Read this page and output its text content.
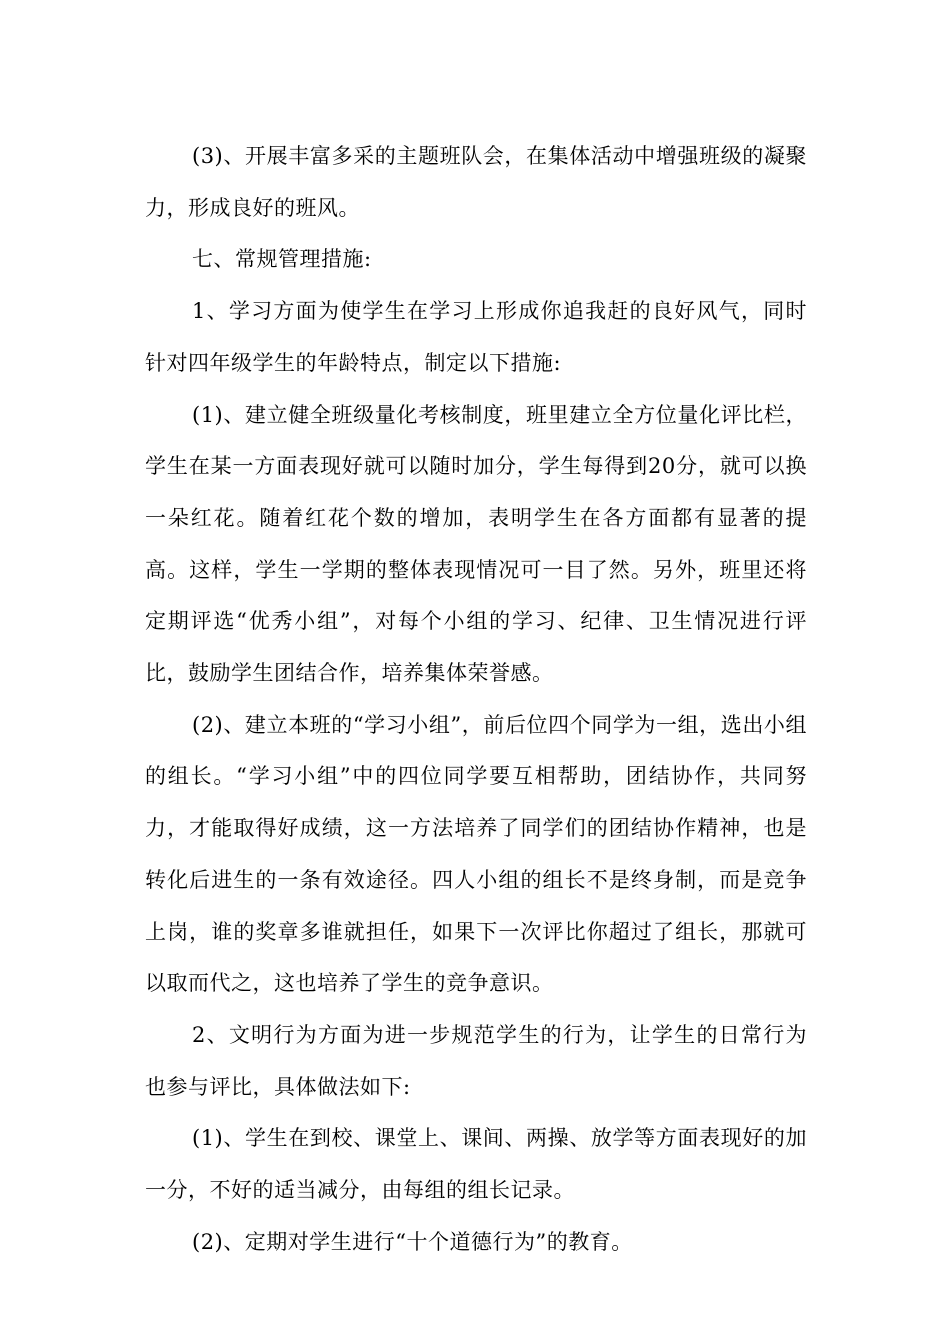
(3)、开展丰富多采的主题班队会，在集体活动中增强班级的凝聚力，形成良好的班风。

七、常规管理措施:

1、学习方面为使学生在学习上形成你追我赶的良好风气，同时针对四年级学生的年龄特点，制定以下措施:

(1)、建立健全班级量化考核制度，班里建立全方位量化评比栏，学生在某一方面表现好就可以随时加分，学生每得到20分，就可以换一朵红花。随着红花个数的增加，表明学生在各方面都有显著的提高。这样，学生一学期的整体表现情况可一目了然。另外，班里还将定期评选“优秀小组”，对每个小组的学习、纪律、卫生情况进行评比，鼓励学生团结合作，培养集体荣誉感。

(2)、建立本班的“学习小组”，前后位四个同学为一组，选出小组的组长。“学习小组”中的四位同学要互相帮助，团结协作，共同努力，才能取得好成绩，这一方法培养了同学们的团结协作精神，也是转化后进生的一条有效途径。四人小组的组长不是终身制，而是竞争上岗，谁的奖章多谁就担任，如果下一次评比你超过了组长，那就可以取而代之，这也培养了学生的竞争意识。

2、文明行为方面为进一步规范学生的行为，让学生的日常行为也参与评比，具体做法如下:

(1)、学生在到校、课堂上、课间、两操、放学等方面表现好的加一分，不好的适当减分，由每组的组长记录。

(2)、定期对学生进行“十个道德行为”的教育。
